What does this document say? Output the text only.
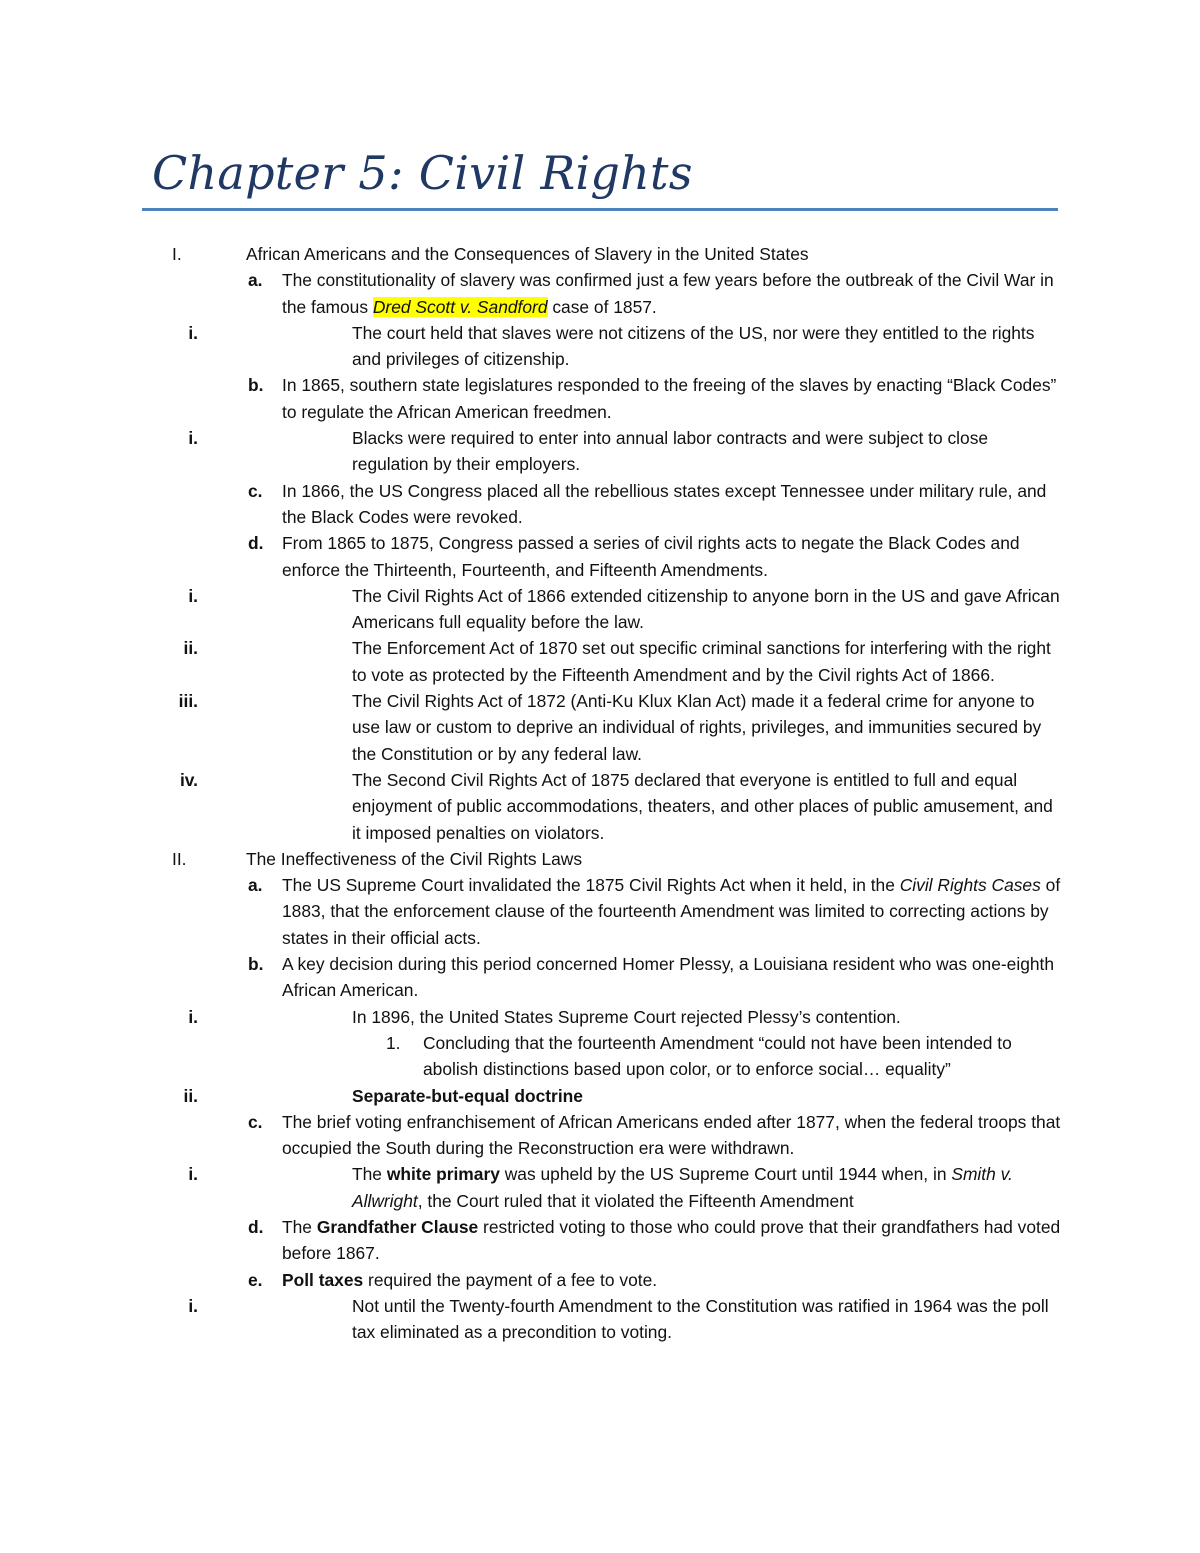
Chapter 5: Civil Rights
I.	African Americans and the Consequences of Slavery in the United States
a. The constitutionality of slavery was confirmed just a few years before the outbreak of the Civil War in the famous Dred Scott v. Sandford case of 1857.
i.	The court held that slaves were not citizens of the US, nor were they entitled to the rights and privileges of citizenship.
b. In 1865, southern state legislatures responded to the freeing of the slaves by enacting “Black Codes” to regulate the African American freedmen.
i.	Blacks were required to enter into annual labor contracts and were subject to close regulation by their employers.
c. In 1866, the US Congress placed all the rebellious states except Tennessee under military rule, and the Black Codes were revoked.
d. From 1865 to 1875, Congress passed a series of civil rights acts to negate the Black Codes and enforce the Thirteenth, Fourteenth, and Fifteenth Amendments.
i.	The Civil Rights Act of 1866 extended citizenship to anyone born in the US and gave African Americans full equality before the law.
ii.	The Enforcement Act of 1870 set out specific criminal sanctions for interfering with the right to vote as protected by the Fifteenth Amendment and by the Civil rights Act of 1866.
iii.	The Civil Rights Act of 1872 (Anti-Ku Klux Klan Act) made it a federal crime for anyone to use law or custom to deprive an individual of rights, privileges, and immunities secured by the Constitution or by any federal law.
iv.	The Second Civil Rights Act of 1875 declared that everyone is entitled to full and equal enjoyment of public accommodations, theaters, and other places of public amusement, and it imposed penalties on violators.
II.	The Ineffectiveness of the Civil Rights Laws
a. The US Supreme Court invalidated the 1875 Civil Rights Act when it held, in the Civil Rights Cases of 1883, that the enforcement clause of the fourteenth Amendment was limited to correcting actions by states in their official acts.
b. A key decision during this period concerned Homer Plessy, a Louisiana resident who was one-eighth African American.
i.	In 1896, the United States Supreme Court rejected Plessy’s contention.
1. Concluding that the fourteenth Amendment “could not have been intended to abolish distinctions based upon color, or to enforce social… equality”
ii.	Separate-but-equal doctrine
c. The brief voting enfranchisement of African Americans ended after 1877, when the federal troops that occupied the South during the Reconstruction era were withdrawn.
i.	The white primary was upheld by the US Supreme Court until 1944 when, in Smith v. Allwright, the Court ruled that it violated the Fifteenth Amendment
d. The Grandfather Clause restricted voting to those who could prove that their grandfathers had voted before 1867.
e. Poll taxes required the payment of a fee to vote.
i.	Not until the Twenty-fourth Amendment to the Constitution was ratified in 1964 was the poll tax eliminated as a precondition to voting.
